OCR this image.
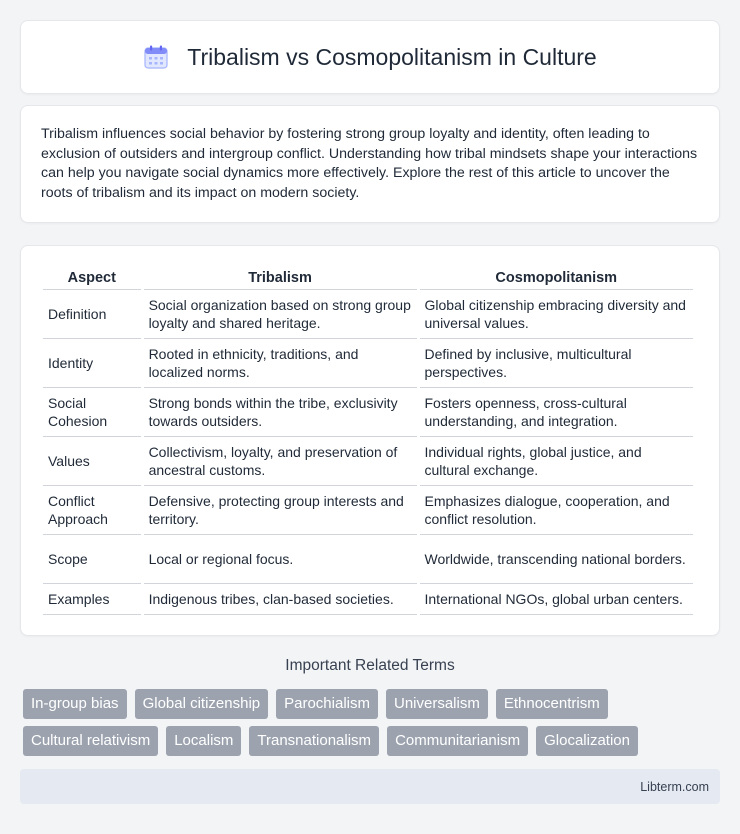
Tribalism vs Cosmopolitanism in Culture

Tribalism influences social behavior by fostering strong group loyalty and identity, often leading to exclusion of outsiders and intergroup conflict. Understanding how tribal mindsets shape your interactions can help you navigate social dynamics more effectively. Explore the rest of this article to uncover the roots of tribalism and its impact on modern society.

Aspect	Tribalism	Cosmopolitanism
Definition	Social organization based on strong group loyalty and shared heritage.	Global citizenship embracing diversity and universal values.
Identity	Rooted in ethnicity, traditions, and localized norms.	Defined by inclusive, multicultural perspectives.
Social Cohesion	Strong bonds within the tribe, exclusivity towards outsiders.	Fosters openness, cross-cultural understanding, and integration.
Values	Collectivism, loyalty, and preservation of ancestral customs.	Individual rights, global justice, and cultural exchange.
Conflict Approach	Defensive, protecting group interests and territory.	Emphasizes dialogue, cooperation, and conflict resolution.
Scope	Local or regional focus.	Worldwide, transcending national borders.
Examples	Indigenous tribes, clan-based societies.	International NGOs, global urban centers.
Important Related Terms
In-group bias	Global citizenship	Parochialism	Universalism	Ethnocentrism
Cultural relativism	Localism	Transnationalism	Communitarianism	Glocalization
Libterm.com
